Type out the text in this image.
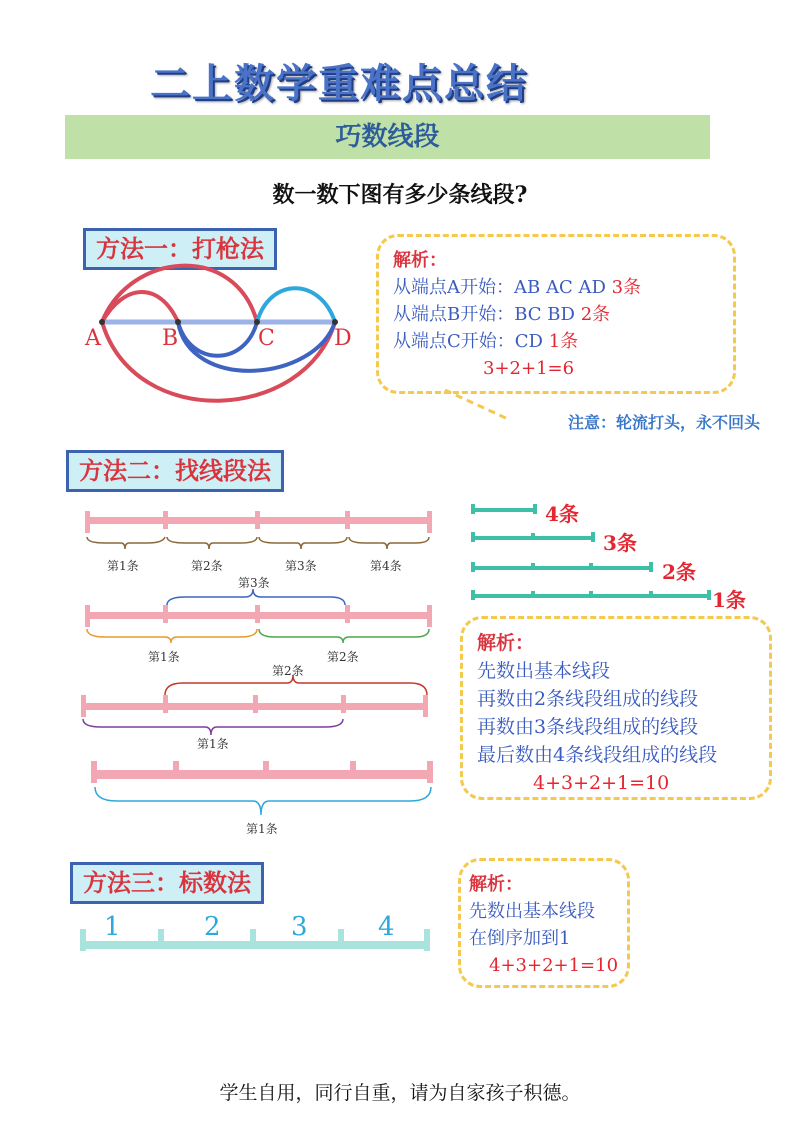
二上数学重难点总结
巧数线段
数一数下图有多少条线段?
方法一：打枪法
A	B	C	D
解析：
从端点A开始：AB AC AD 3条
从端点B开始：BC BD 2条
从端点C开始：CD 1条
3+2+1=6
注意：轮流打头，永不回头
方法二：找线段法
第1条	第2条	第3条	第4条
第3条
第1条	第2条
第2条
第1条
第1条
4条
3条
2条
1条
解析：
先数出基本线段
再数由2条线段组成的线段
再数由3条线段组成的线段
最后数由4条线段组成的线段
4+3+2+1=10
方法三：标数法
1	2	3	4
解析：
先数出基本线段
在倒序加到1
4+3+2+1=10
学生自用，同行自重，请为自家孩子积德。
